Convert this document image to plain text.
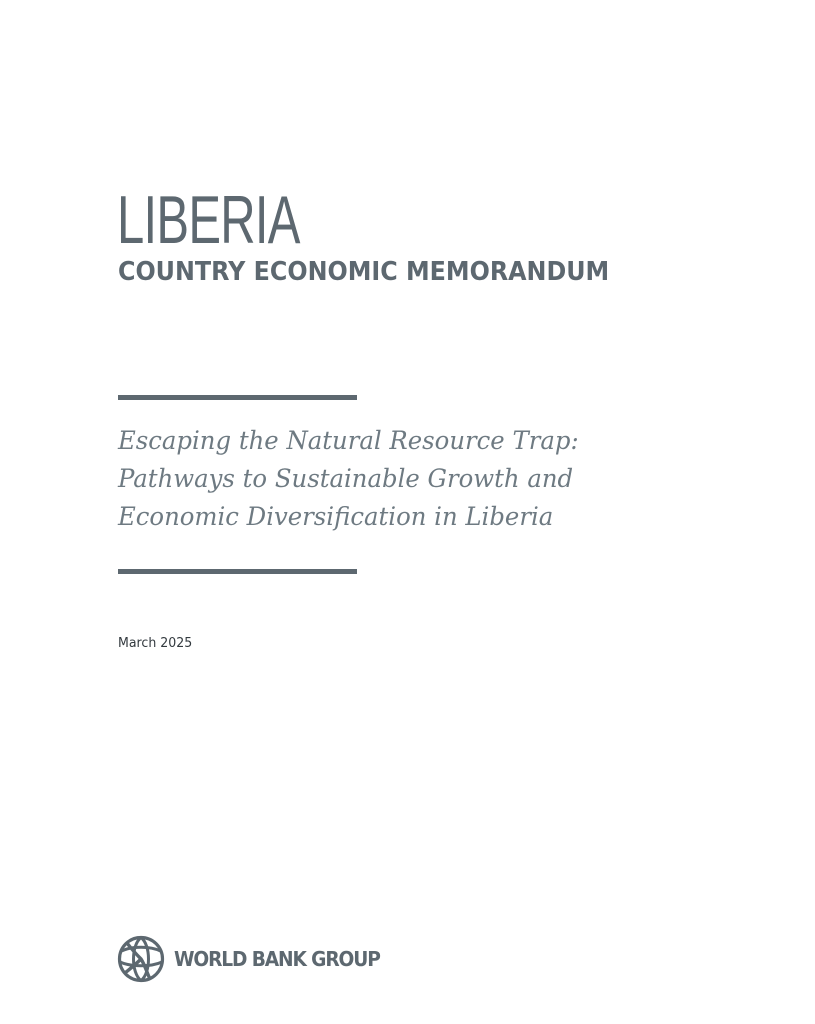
LIBERIA
COUNTRY ECONOMIC MEMORANDUM
Escaping the Natural Resource Trap:
Pathways to Sustainable Growth and
Economic Diversification in Liberia
March 2025
WORLD BANK GROUP
